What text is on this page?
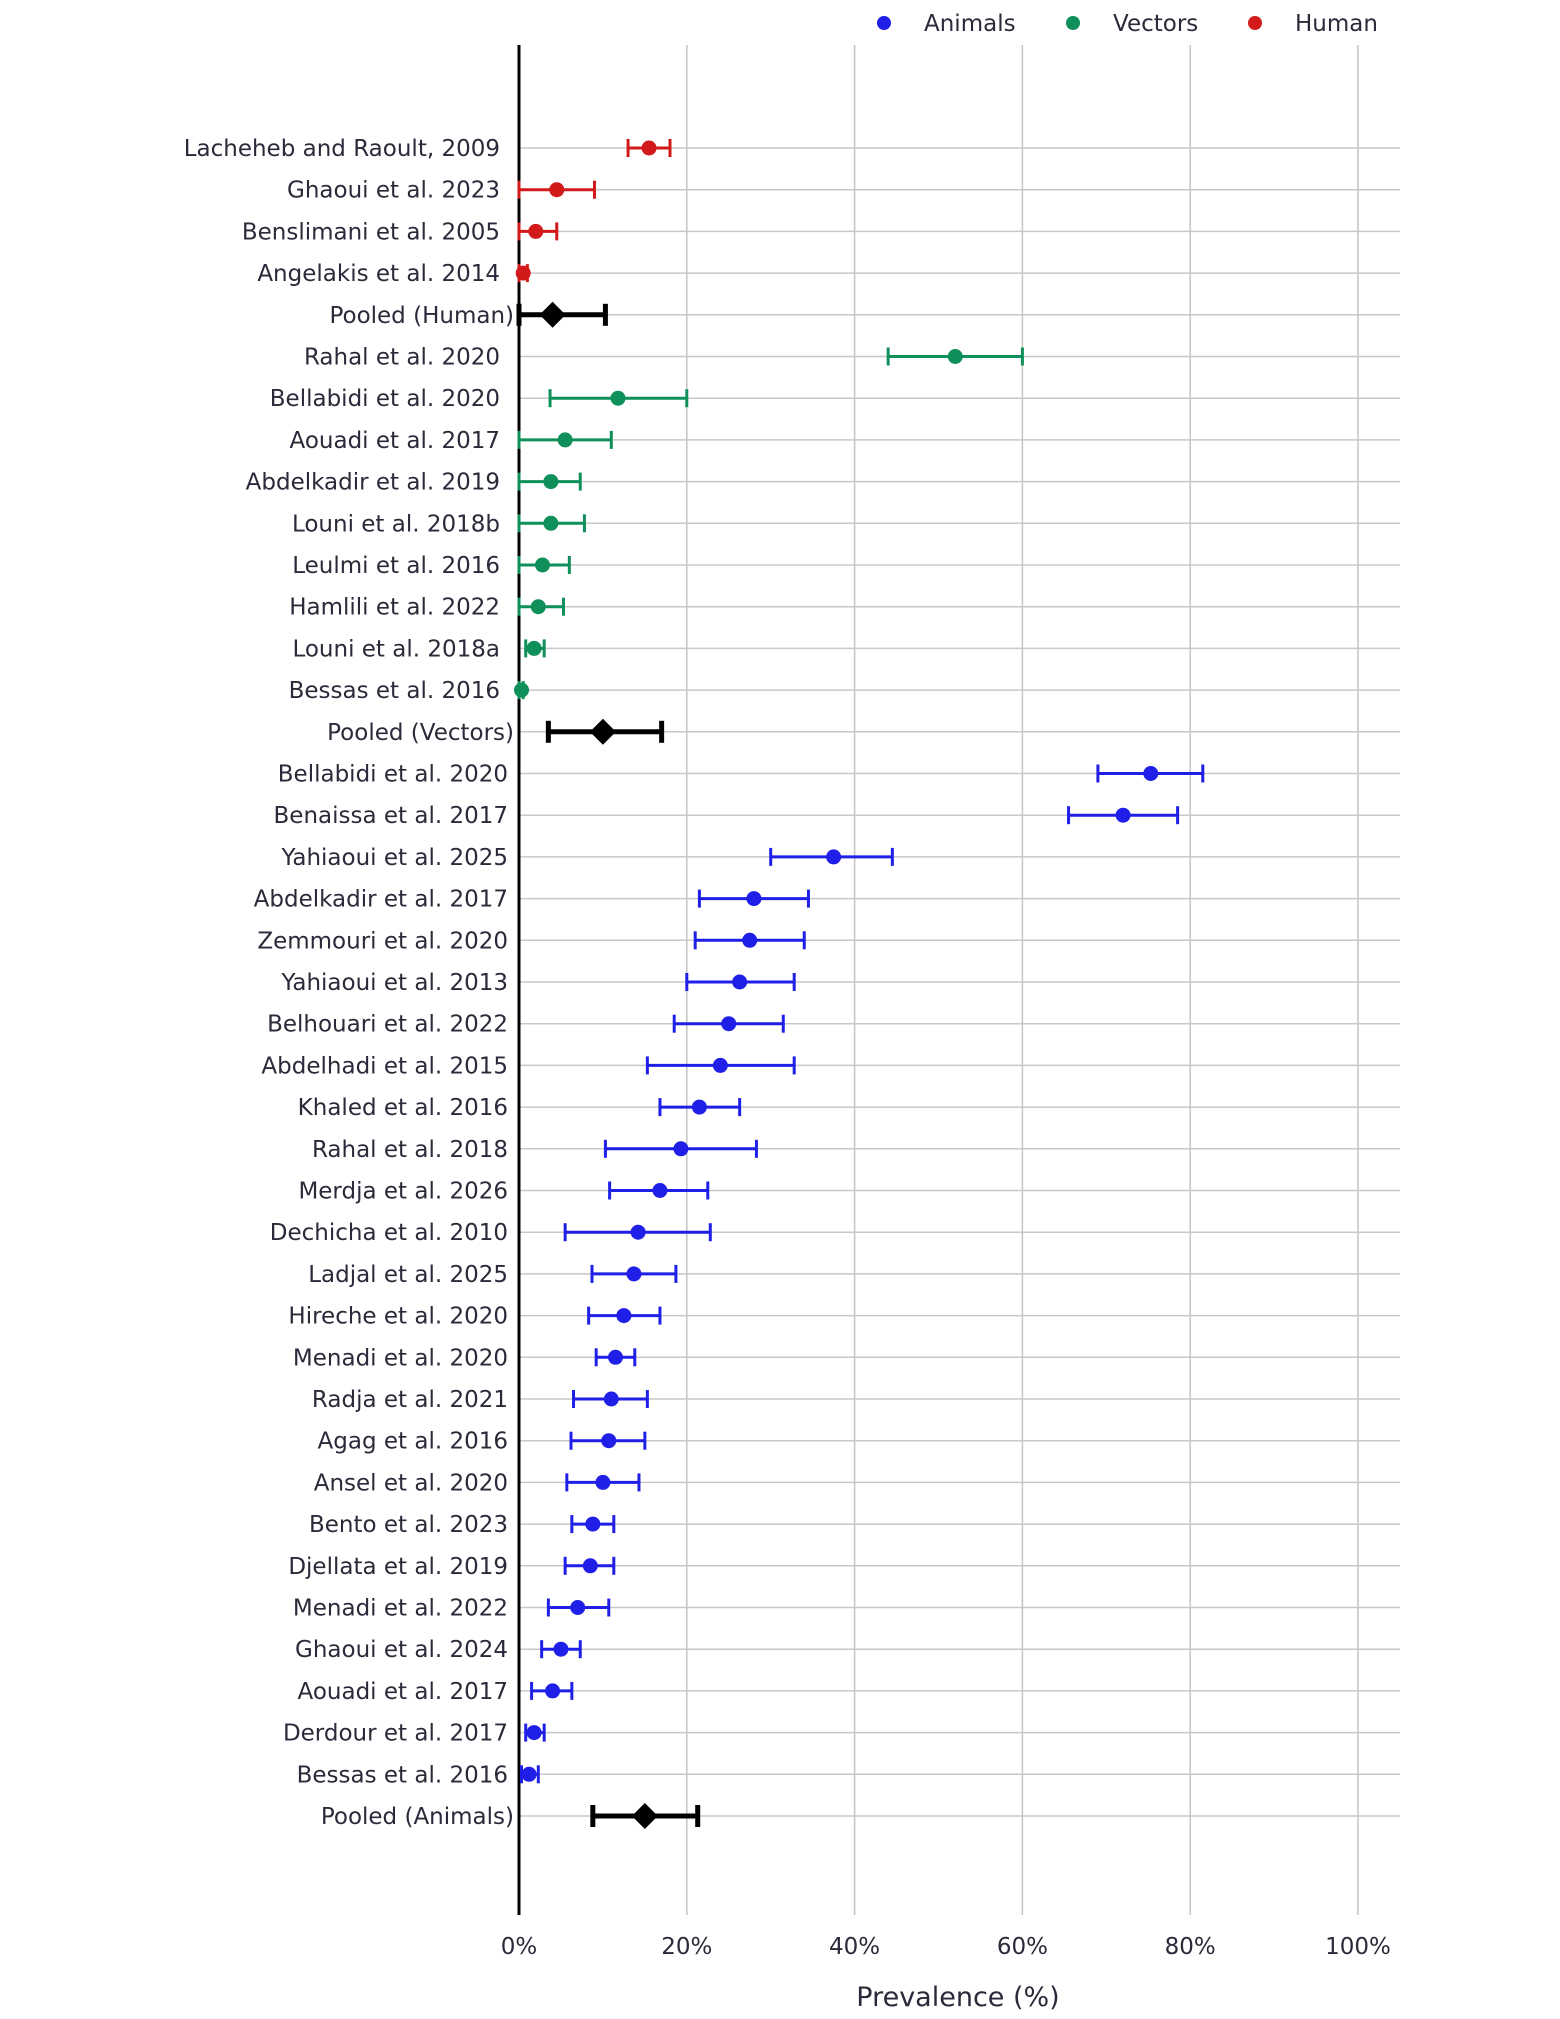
0%	20%	40%	60%	80%	100%
Lacheheb and Raoult, 2009
Ghaoui et al. 2023
Benslimani et al. 2005
Angelakis et al. 2014
Pooled (Human)
Rahal et al. 2020
Bellabidi et al. 2020
Aouadi et al. 2017
Abdelkadir et al. 2019
Louni et al. 2018b
Leulmi et al. 2016
Hamlili et al. 2022
Louni et al. 2018a
Bessas et al. 2016
Pooled (Vectors)
Bellabidi et al. 2020
Benaissa et al. 2017
Yahiaoui et al. 2025
Abdelkadir et al. 2017
Zemmouri et al. 2020
Yahiaoui et al. 2013
Belhouari et al. 2022
Abdelhadi et al. 2015
Khaled et al. 2016
Rahal et al. 2018
Merdja et al. 2026
Dechicha et al. 2010
Ladjal et al. 2025
Hireche et al. 2020
Menadi et al. 2020
Radja et al. 2021
Agag et al. 2016
Ansel et al. 2020
Bento et al. 2023
Djellata et al. 2019
Menadi et al. 2022
Ghaoui et al. 2024
Aouadi et al. 2017
Derdour et al. 2017
Bessas et al. 2016
Pooled (Animals)
Animals	Vectors	Human
Prevalence (%)
